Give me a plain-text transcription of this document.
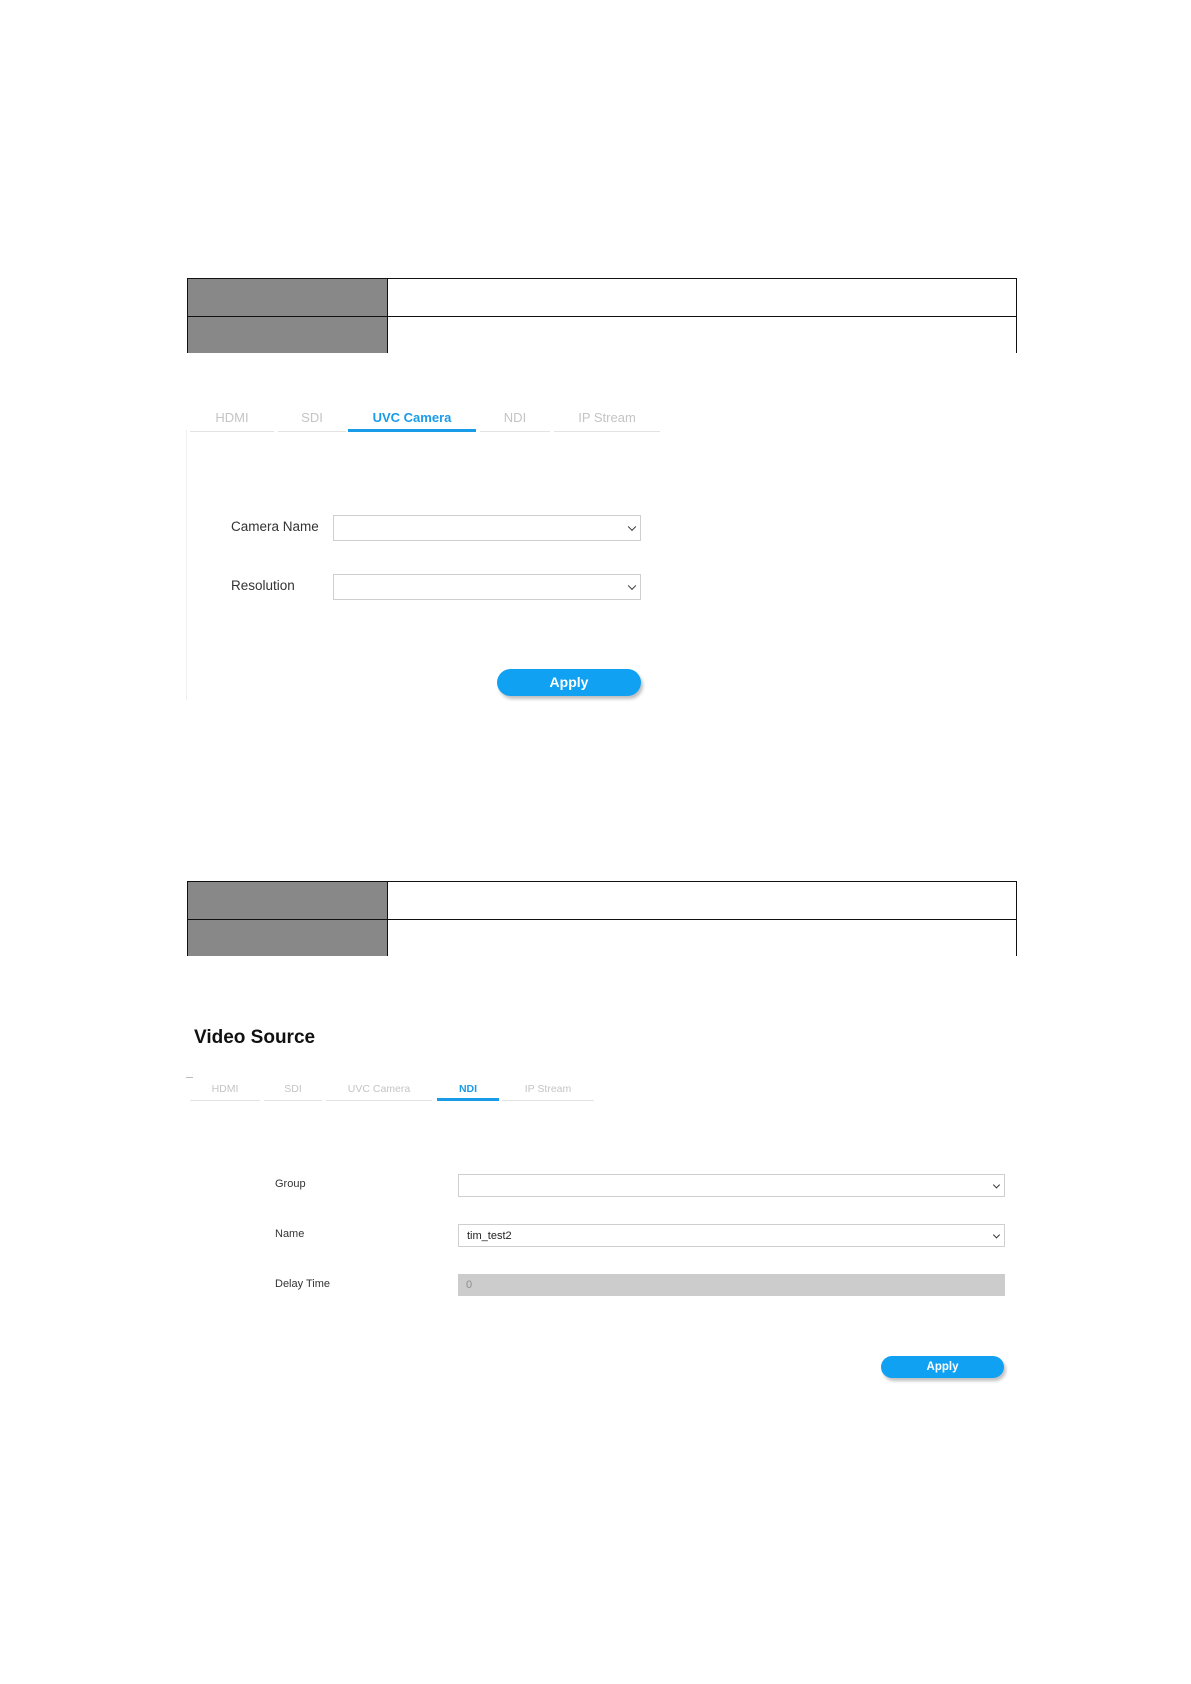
HDMI	SDI	UVC Camera	NDI	IP Stream
Camera Name
Resolution
Apply
Video Source
HDMI	SDI	UVC Camera	NDI	IP Stream
Group
Name	tim_test2
Delay Time	0
Apply
